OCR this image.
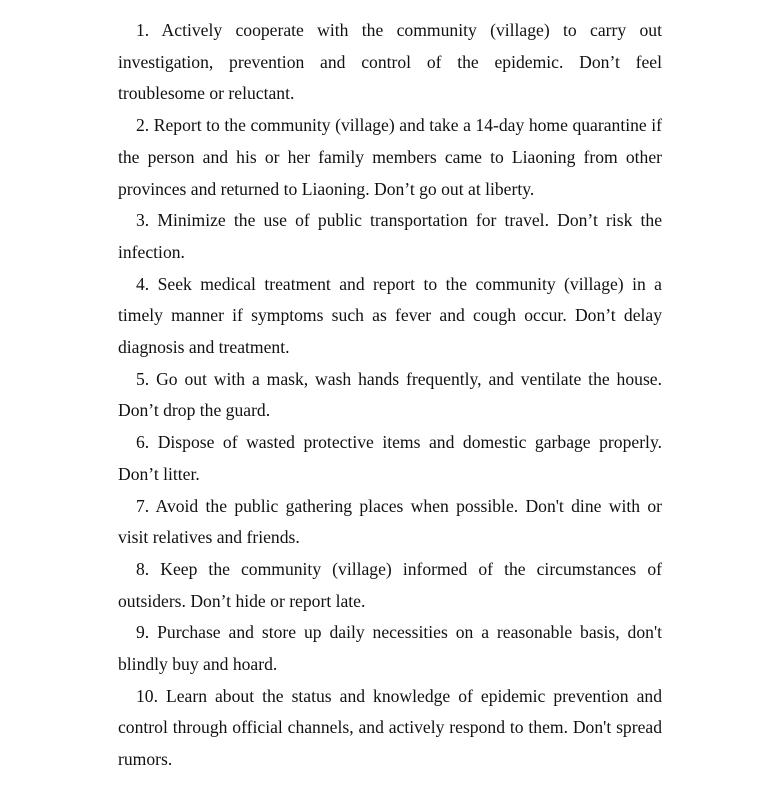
1. Actively cooperate with the community (village) to carry out investigation, prevention and control of the epidemic. Don’t feel troublesome or reluctant.

2. Report to the community (village) and take a 14-day home quarantine if the person and his or her family members came to Liaoning from other provinces and returned to Liaoning. Don’t go out at liberty.

3. Minimize the use of public transportation for travel. Don’t risk the infection.

4. Seek medical treatment and report to the community (village) in a timely manner if symptoms such as fever and cough occur. Don’t delay diagnosis and treatment.

5. Go out with a mask, wash hands frequently, and ventilate the house. Don’t drop the guard.

6. Dispose of wasted protective items and domestic garbage properly. Don’t litter.

7. Avoid the public gathering places when possible. Don't dine with or visit relatives and friends.

8. Keep the community (village) informed of the circumstances of outsiders. Don’t hide or report late.

9. Purchase and store up daily necessities on a reasonable basis, don't blindly buy and hoard.

10. Learn about the status and knowledge of epidemic prevention and control through official channels, and actively respond to them. Don't spread rumors.
